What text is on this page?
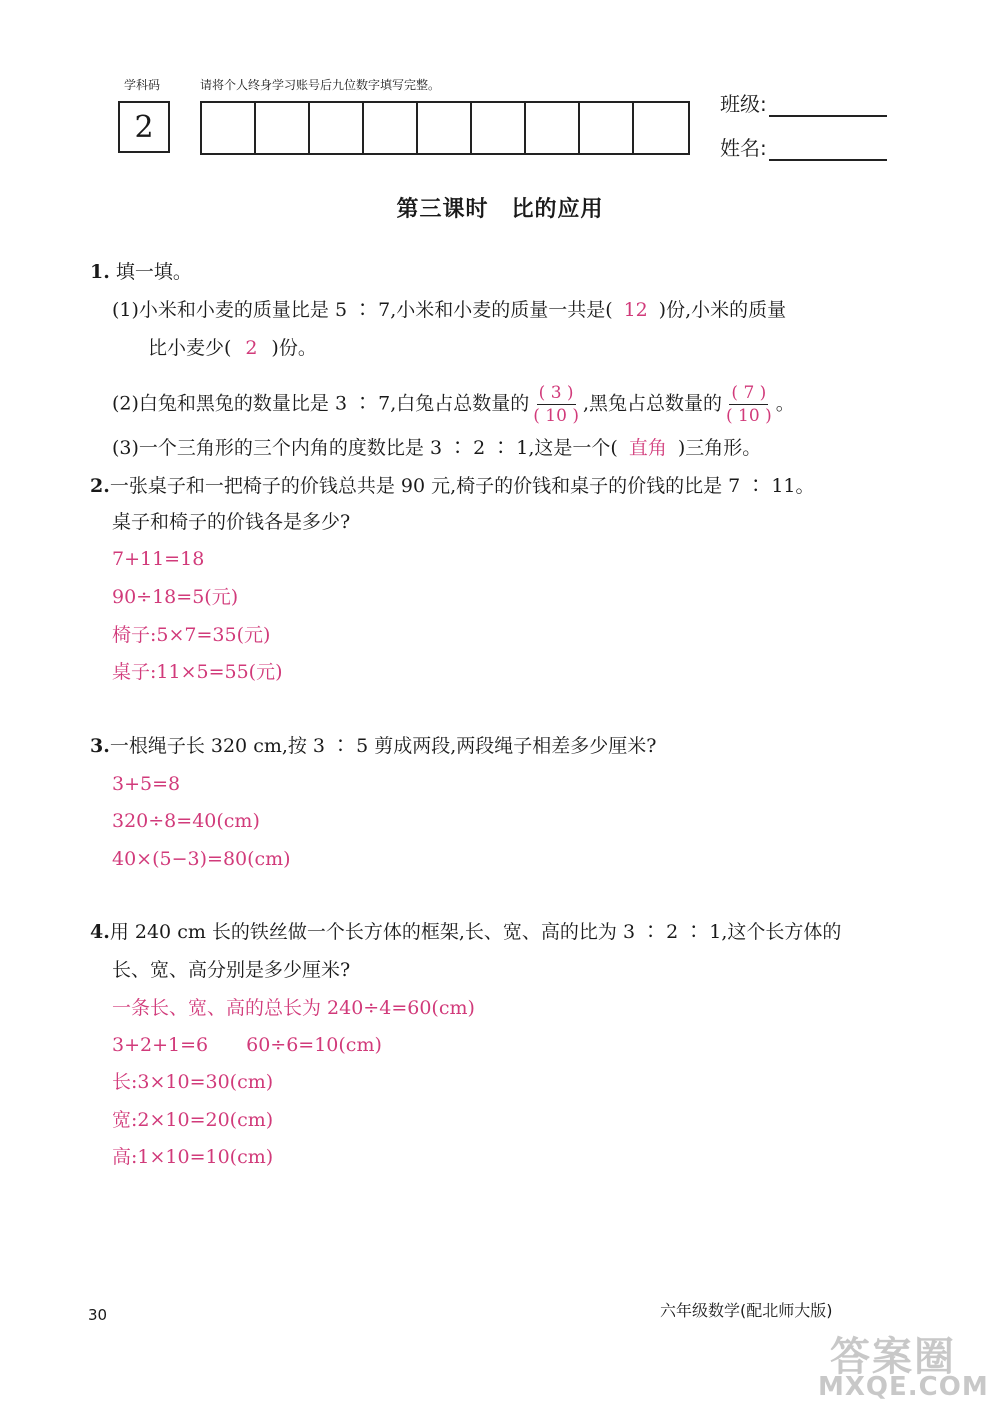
学科码	请将个人终身学习账号后九位数字填写完整。
2
班级:
姓名:
第三课时　比的应用
1. 填一填。
(1)小米和小麦的质量比是 5 ∶ 7,小米和小麦的质量一共是( 12 )份,小米的质量
比小麦少( 2 )份。
(2)白兔和黑兔的数量比是 3 ∶ 7,白兔占总数量的 $\frac{( 3 )}{( 10 )}$ ,黑兔占总数量的 $\frac{( 7 )}{( 10 )}$ 。
(3)一个三角形的三个内角的度数比是 3 ∶ 2 ∶ 1,这是一个( 直角 )三角形。
2.一张桌子和一把椅子的价钱总共是 90 元,椅子的价钱和桌子的价钱的比是 7 ∶ 11。
桌子和椅子的价钱各是多少?
7+11=18
90÷18=5(元)
椅子:5×7=35(元)
桌子:11×5=55(元)
3.一根绳子长 320 cm,按 3 ∶ 5 剪成两段,两段绳子相差多少厘米?
3+5=8
320÷8=40(cm)
40×(5−3)=80(cm)
4.用 240 cm 长的铁丝做一个长方体的框架,长、宽、高的比为 3 ∶ 2 ∶ 1,这个长方体的
长、宽、高分别是多少厘米?
一条长、宽、高的总长为 240÷4=60(cm)
3+2+1=6　　60÷6=10(cm)
长:3×10=30(cm)
宽:2×10=20(cm)
高:1×10=10(cm)
30	六年级数学(配北师大版)
答案圈
MXQE.COM
